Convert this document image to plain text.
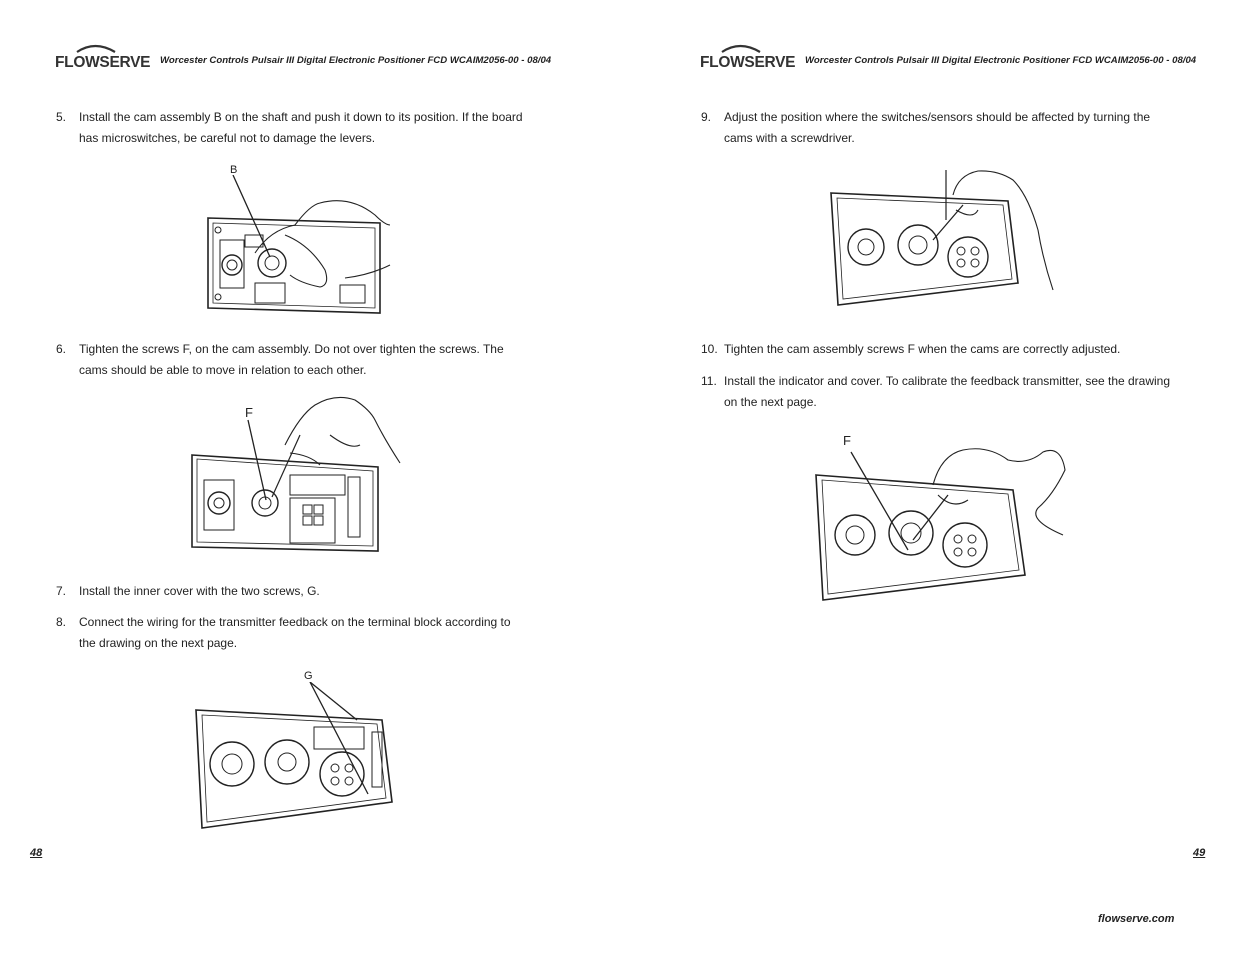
FLOWSERVE Worcester Controls Pulsair III Digital Electronic Positioner FCD WCAIM2056-00 - 08/04
5. Install the cam assembly B on the shaft and push it down to its position. If the board
has microswitches, be careful not to damage the levers.
B
6. Tighten the screws F, on the cam assembly. Do not over tighten the screws. The
cams should be able to move in relation to each other.
F
7. Install the inner cover with the two screws, G.
8. Connect the wiring for the transmitter feedback on the terminal block according to
the drawing on the next page.
G
48
FLOWSERVE Worcester Controls Pulsair III Digital Electronic Positioner FCD WCAIM2056-00 - 08/04
9. Adjust the position where the switches/sensors should be affected by turning the
cams with a screwdriver.
10. Tighten the cam assembly screws F when the cams are correctly adjusted.
11. Install the indicator and cover. To calibrate the feedback transmitter, see the drawing
on the next page.
F
49
flowserve.com
